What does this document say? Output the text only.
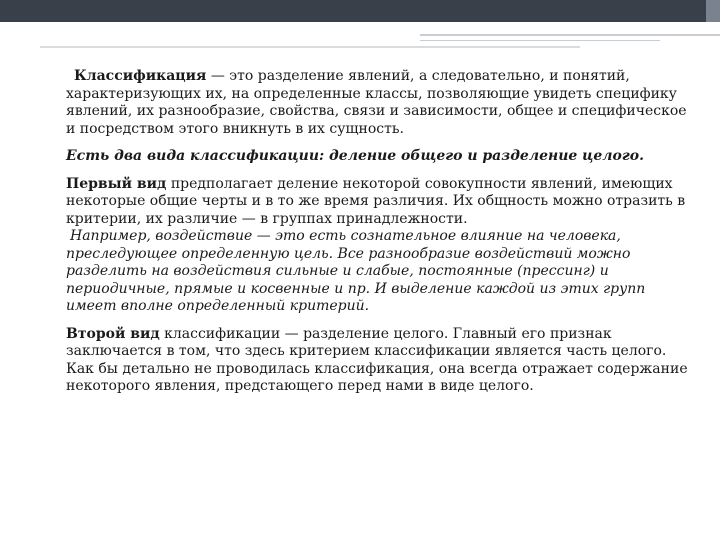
Классификация — это разделение явлений, а следовательно, и понятий, характеризующих их, на определенные классы, позволяющие увидеть специфику явлений, их разнообразие, свойства, связи и зависимости, общее и специфическое и посредством этого вникнуть в их сущность.

Есть два вида классификации: деление общего и разделение целого.

Первый вид предполагает деление некоторой совокупности явлений, имеющих некоторые общие черты и в то же время различия. Их общность можно отразить в критерии, их различие — в группах принадлежности.

Например, воздействие — это есть сознательное влияние на человека, преследующее определенную цель. Все разнообразие воздействий можно разделить на воздействия сильные и слабые, постоянные (прессинг) и периодичные, прямые и косвенные и пр. И выделение каждой из этих групп имеет вполне определенный критерий.

Второй вид классификации — разделение целого. Главный его признак заключается в том, что здесь критерием классификации является часть целого. Как бы детально не проводилась классификация, она всегда отражает содержание некоторого явления, предстающего перед нами в виде целого.
